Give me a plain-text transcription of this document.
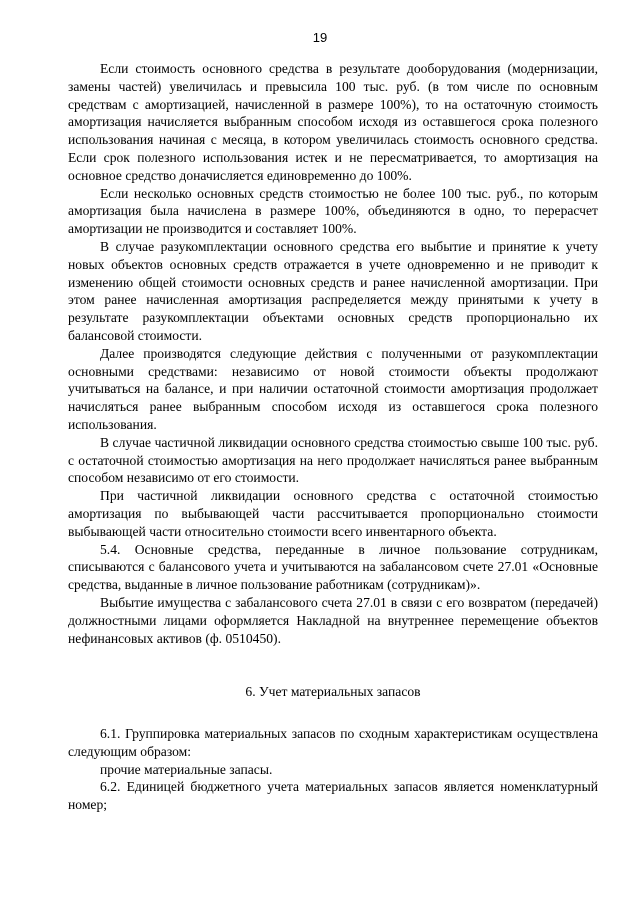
19

Если стоимость основного средства в результате дооборудования (модернизации, замены частей) увеличилась и превысила 100 тыс. руб. (в том числе по основным средствам с амортизацией, начисленной в размере 100%), то на остаточную стоимость амортизация начисляется выбранным способом исходя из оставшегося срока полезного использования начиная с месяца, в котором увеличилась стоимость основного средства. Если срок полезного использования истек и не пересматривается, то амортизация на основное средство доначисляется единовременно до 100%.

Если несколько основных средств стоимостью не более 100 тыс. руб., по которым амортизация была начислена в размере 100%, объединяются в одно, то перерасчет амортизации не производится и составляет 100%.

В случае разукомплектации основного средства его выбытие и принятие к учету новых объектов основных средств отражается в учете одновременно и не приводит к изменению общей стоимости основных средств и ранее начисленной амортизации. При этом ранее начисленная амортизация распределяется между принятыми к учету в результате разукомплектации объектами основных средств пропорционально их балансовой стоимости.

Далее производятся следующие действия с полученными от разукомплектации основными средствами: независимо от новой стоимости объекты продолжают учитываться на балансе, и при наличии остаточной стоимости амортизация продолжает начисляться ранее выбранным способом исходя из оставшегося срока полезного использования.

В случае частичной ликвидации основного средства стоимостью свыше 100 тыс. руб. с остаточной стоимостью амортизация на него продолжает начисляться ранее выбранным способом независимо от его стоимости.

При частичной ликвидации основного средства с остаточной стоимостью амортизация по выбывающей части рассчитывается пропорционально стоимости выбывающей части относительно стоимости всего инвентарного объекта.

5.4. Основные средства, переданные в личное пользование сотрудникам, списываются с балансового учета и учитываются на забалансовом счете 27.01 «Основные средства, выданные в личное пользование работникам (сотрудникам)».

Выбытие имущества с забалансового счета 27.01 в связи с его возвратом (передачей) должностными лицами оформляется Накладной на внутреннее перемещение объектов нефинансовых активов (ф. 0510450).

6. Учет материальных запасов

6.1. Группировка материальных запасов по сходным характеристикам осуществлена следующим образом:

прочие материальные запасы.

6.2. Единицей бюджетного учета материальных запасов является номенклатурный номер;
